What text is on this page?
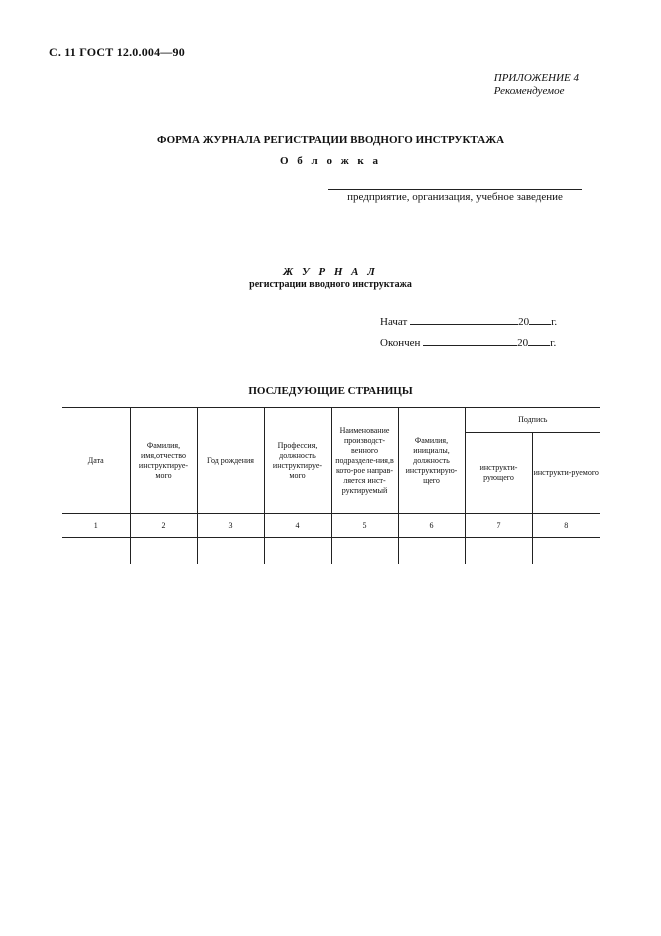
С. 11 ГОСТ 12.0.004—90
ПРИЛОЖЕНИЕ 4
Рекомендуемое
ФОРМА ЖУРНАЛА РЕГИСТРАЦИИ ВВОДНОГО ИНСТРУКТАЖА
О б л о ж к а
предприятие, организация, учебное заведение
Ж У Р Н А Л
регистрации вводного инструктажа
Начат	20 г.
Окончен	20 г.
ПОСЛЕДУЮЩИЕ СТРАНИЦЫ
Дата	Фамилия, имя,отчество инструктируе-мого	Год рождения	Профессия, должность инструктируе-мого	Наименование производст-венного подразделе-ния,в кото-рое направ-ляется инст-руктируемый	Фамилия, инициалы, должность инструктирую-щего	Подпись	
						инструкти-рующего	инструкти-руемого
1	2	3	4	5	6	7	8
